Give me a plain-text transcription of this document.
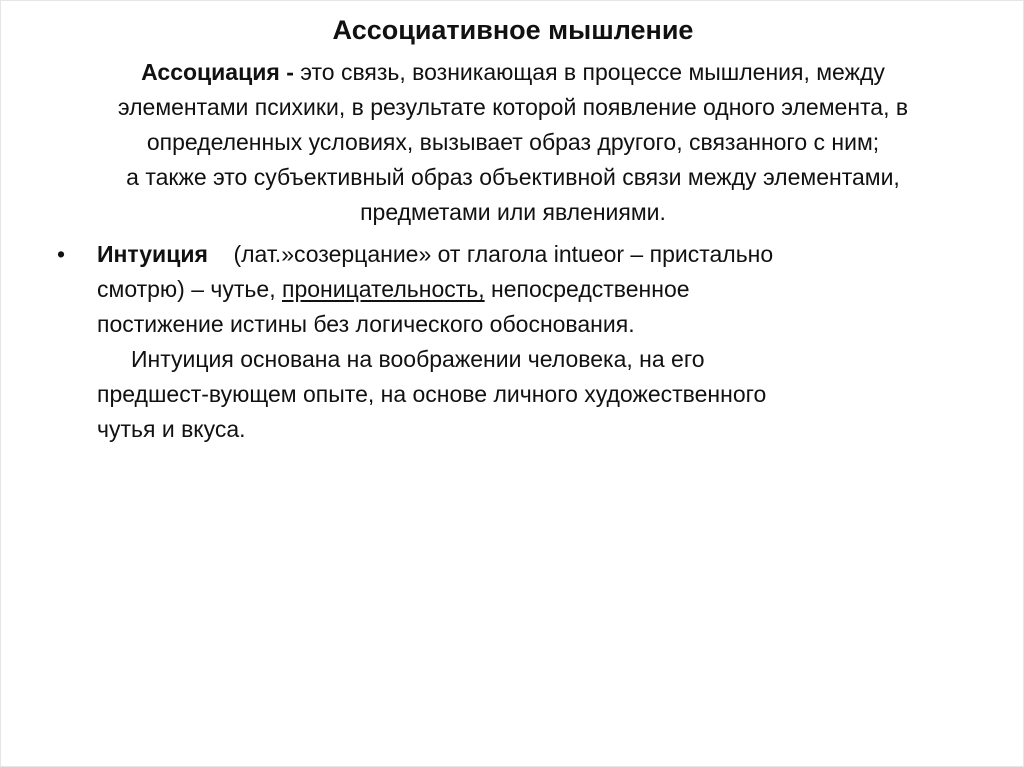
Ассоциативное мышление
Ассоциация - это связь, возникающая в процессе мышления, между
элементами психики, в результате которой появление одного элемента, в
определенных условиях, вызывает образ другого, связанного с ним;
а также это субъективный образ объективной связи между элементами,
предметами или явлениями.
•	Интуиция (лат.»созерцание» от глагола intueor – пристально
смотрю) – чутье, проницательность, непосредственное
постижение истины без логического обоснования.
Интуиция основана на воображении человека, на его
предшест-вующем опыте, на основе личного художественного
чутья и вкуса.
